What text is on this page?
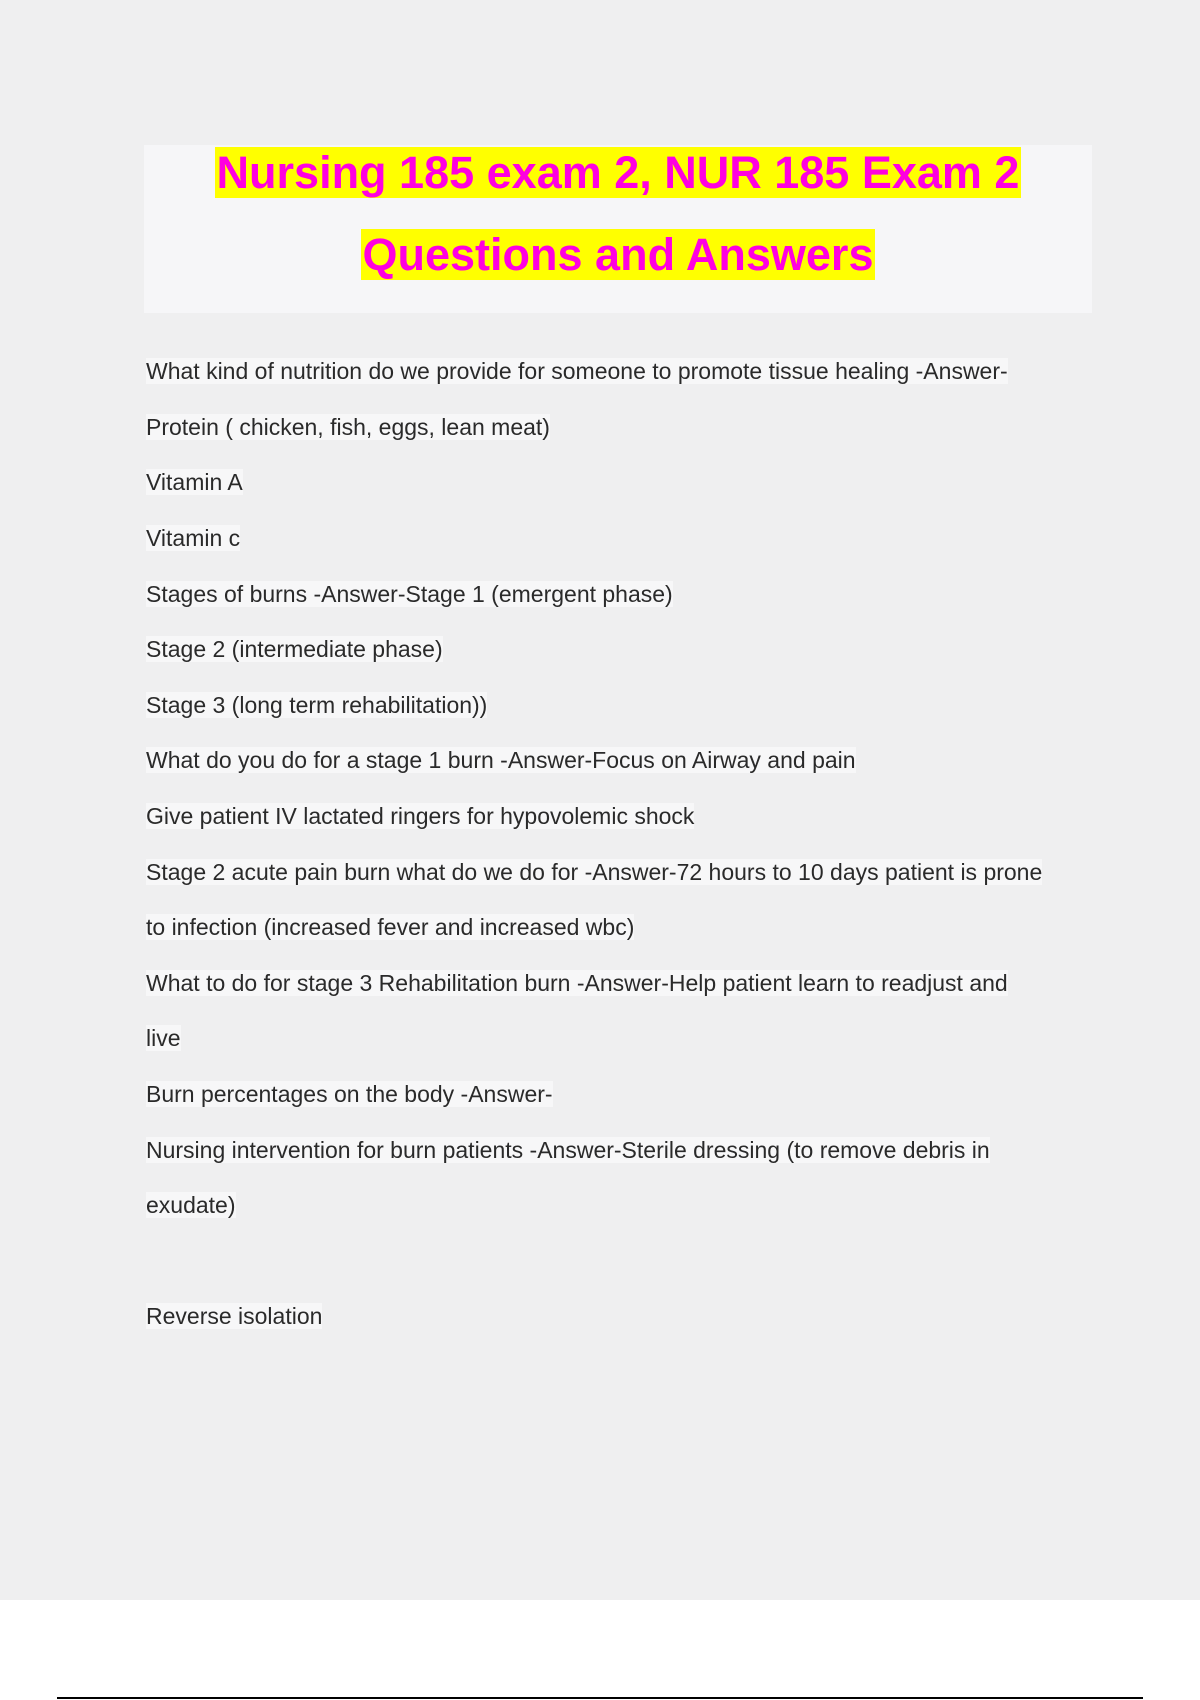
Nursing 185 exam 2, NUR 185 Exam 2
Questions and Answers
What kind of nutrition do we provide for someone to promote tissue healing -Answer-
Protein ( chicken, fish, eggs, lean meat)
Vitamin A
Vitamin c
Stages of burns -Answer-Stage 1 (emergent phase)
Stage 2 (intermediate phase)
Stage 3 (long term rehabilitation))
What do you do for a stage 1 burn -Answer-Focus on Airway and pain
Give patient IV lactated ringers for hypovolemic shock
Stage 2 acute pain burn what do we do for -Answer-72 hours to 10 days patient is prone
to infection (increased fever and increased wbc)
What to do for stage 3 Rehabilitation burn -Answer-Help patient learn to readjust and
live
Burn percentages on the body -Answer-
Nursing intervention for burn patients -Answer-Sterile dressing (to remove debris in
exudate)
Reverse isolation
